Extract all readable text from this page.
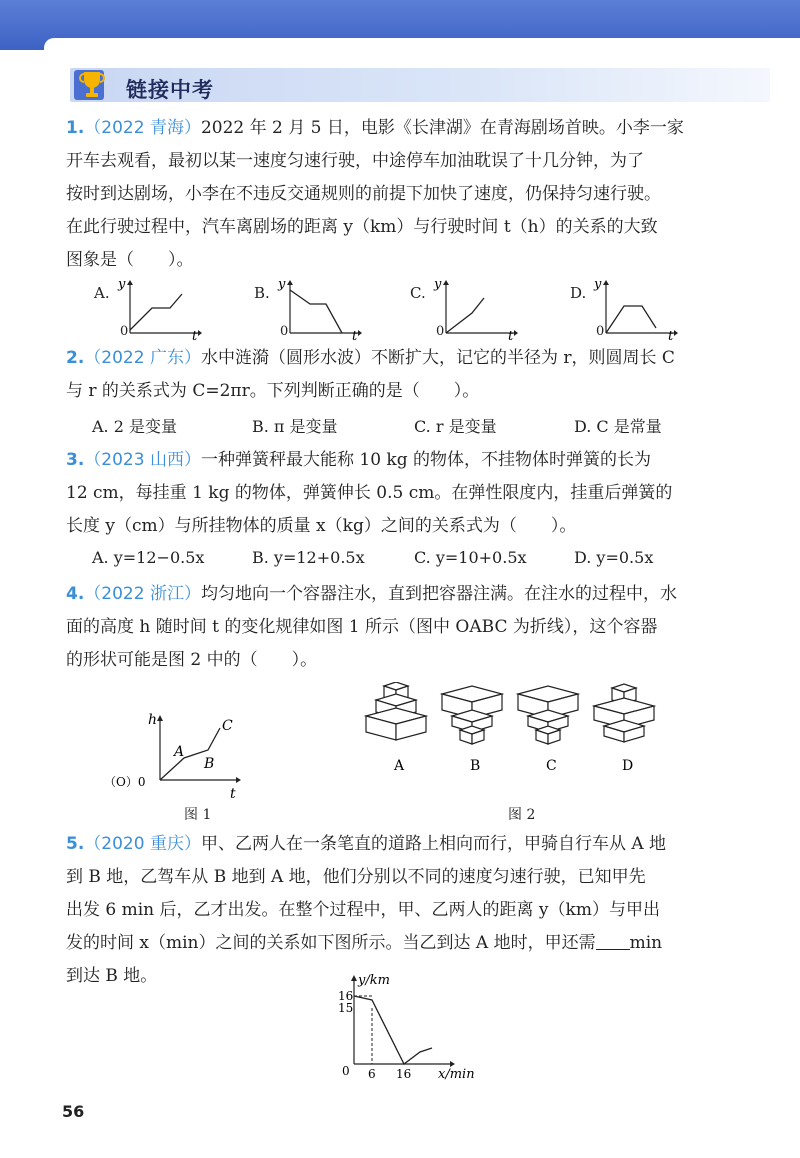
链接中考
1.（2022 青海）2022 年 2 月 5 日，电影《长津湖》在青海剧场首映。小李一家
开车去观看，最初以某一速度匀速行驶，中途停车加油耽误了十几分钟，为了
按时到达剧场，小李在不违反交通规则的前提下加快了速度，仍保持匀速行驶。
在此行驶过程中，汽车离剧场的距离 y（km）与行驶时间 t（h）的关系的大致
图象是（　　）。
A. y
t
0
B. y
t
0
C. y
t
0
D. y
t
0
2.（2022 广东）水中涟漪（圆形水波）不断扩大，记它的半径为 r，则圆周长 C
与 r 的关系式为 C=2πr。下列判断正确的是（　　）。
A. 2 是变量	B. π 是变量	C. r 是变量	D. C 是常量
3.（2023 山西）一种弹簧秤最大能称 10 kg 的物体，不挂物体时弹簧的长为
12 cm，每挂重 1 kg 的物体，弹簧伸长 0.5 cm。在弹性限度内，挂重后弹簧的
长度 y（cm）与所挂物体的质量 x（kg）之间的关系式为（　　）。
A. y=12−0.5x	B. y=12+0.5x	C. y=10+0.5x	D. y=0.5x
4.（2022 浙江）均匀地向一个容器注水，直到把容器注满。在注水的过程中，水
面的高度 h 随时间 t 的变化规律如图 1 所示（图中 OABC 为折线），这个容器
的形状可能是图 2 中的（　　）。
h
t
A
B
C
（O）0
图 1
A	B	C	D
图 2
5.（2020 重庆）甲、乙两人在一条笔直的道路上相向而行，甲骑自行车从 A 地
到 B 地，乙驾车从 B 地到 A 地，他们分别以不同的速度匀速行驶，已知甲先
出发 6 min 后，乙才出发。在整个过程中，甲、乙两人的距离 y（km）与甲出
发的时间 x（min）之间的关系如下图所示。当乙到达 A 地时，甲还需 min
到达 B 地。	y/km
x/min
16
15
0 6 16
56
